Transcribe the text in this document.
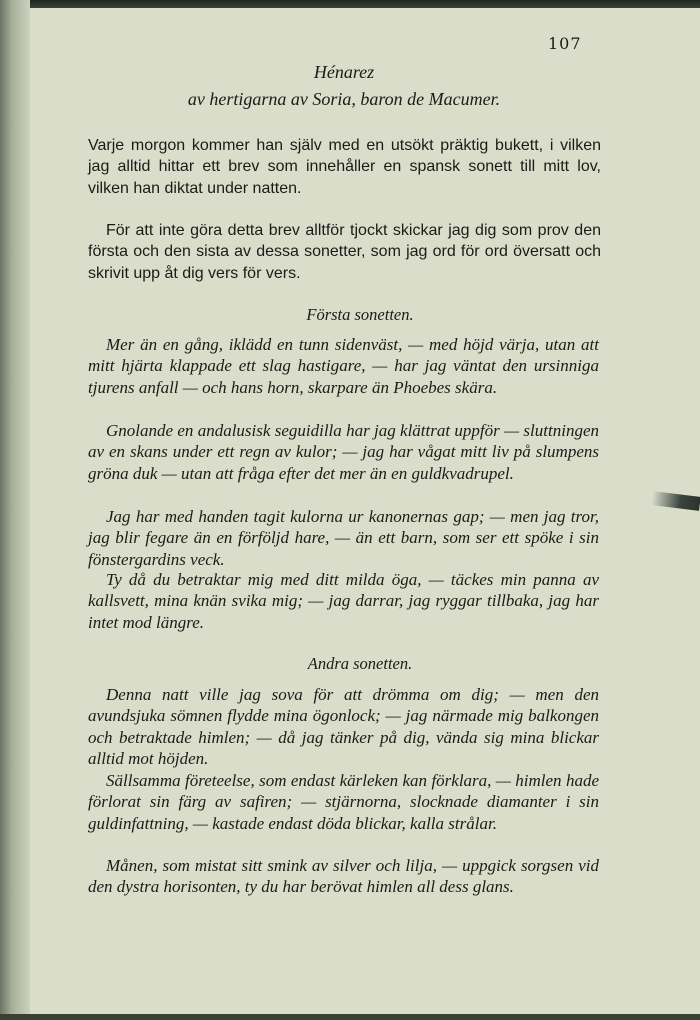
107
Hénarez
av hertigarna av Soria, baron de Macumer.

Varje morgon kommer han själv med en utsökt präktig bukett, i vilken jag alltid hittar ett brev som innehåller en spansk sonett till mitt lov, vilken han diktat under natten.

För att inte göra detta brev alltför tjockt skickar jag dig som prov den första och den sista av dessa sonetter, som jag ord för ord översatt och skrivit upp åt dig vers för vers.

Första sonetten.

Mer än en gång, iklädd en tunn sidenväst, — med höjd värja, utan att mitt hjärta klappade ett slag hastigare, — har jag väntat den ursinniga tjurens anfall — och hans horn, skarpare än Phoebes skära.

Gnolande en andalusisk seguidilla har jag klättrat uppför — sluttningen av en skans under ett regn av kulor; — jag har vågat mitt liv på slumpens gröna duk — utan att fråga efter det mer än en guldkvadrupel.

Jag har med handen tagit kulorna ur kanonernas gap; — men jag tror, jag blir fegare än en förföljd hare, — än ett barn, som ser ett spöke i sin fönstergardins veck.

Ty då du betraktar mig med ditt milda öga, — täckes min panna av kallsvett, mina knän svika mig; — jag darrar, jag ryggar tillbaka, jag har intet mod längre.

Andra sonetten.

Denna natt ville jag sova för att drömma om dig; — men den avundsjuka sömnen flydde mina ögonlock; — jag närmade mig balkongen och betraktade himlen; — då jag tänker på dig, vända sig mina blickar alltid mot höjden.

Sällsamma företeelse, som endast kärleken kan förklara, — himlen hade förlorat sin färg av safiren; — stjärnorna, slocknade diamanter i sin guldinfattning, — kastade endast döda blickar, kalla strålar.

Månen, som mistat sitt smink av silver och lilja, — uppgick sorgsen vid den dystra horisonten, ty du har berövat himlen all dess glans.
